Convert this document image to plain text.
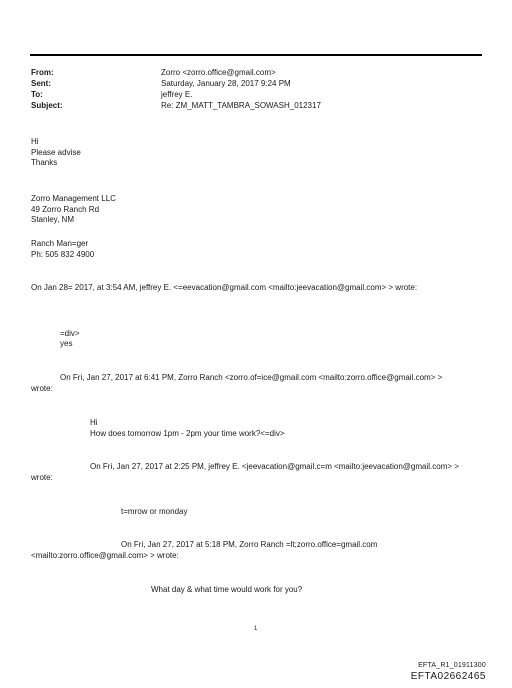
From:	Zorro <zorro.office@gmail.com>
Sent:	Saturday, January 28, 2017 9:24 PM
To:	jeffrey E.
Subject:	Re: ZM_MATT_TAMBRA_SOWASH_012317
Hi
Please advise
Thanks
Zorro Management LLC
49 Zorro Ranch Rd
Stanley, NM
Ranch Man=ger
Ph: 505 832 4900
On Jan 28= 2017, at 3:54 AM, jeffrey E. <=eevacation@gmail.com <mailto:jeevacation@gmail.com> > wrote:
=div>
yes
On Fri, Jan 27, 2017 at 6:41 PM, Zorro Ranch <zorro.of=ice@gmail.com <mailto:zorro.office@gmail.com> >
wrote:
Hi
How does tomorrow 1pm - 2pm your time work?<=div>
On Fri, Jan 27, 2017 at 2:25 PM, jeffrey E. <jeevacation@gmail.c=m <mailto:jeevacation@gmail.com> >
wrote:
t=mrow or monday
On Fri, Jan 27, 2017 at 5:18 PM, Zorro Ranch =lt;zorro.office=gmail.com
<mailto:zorro.office@gmail.com> > wrote:
What day & what time would work for you?
1
EFTA_R1_01911300
EFTA02662465
